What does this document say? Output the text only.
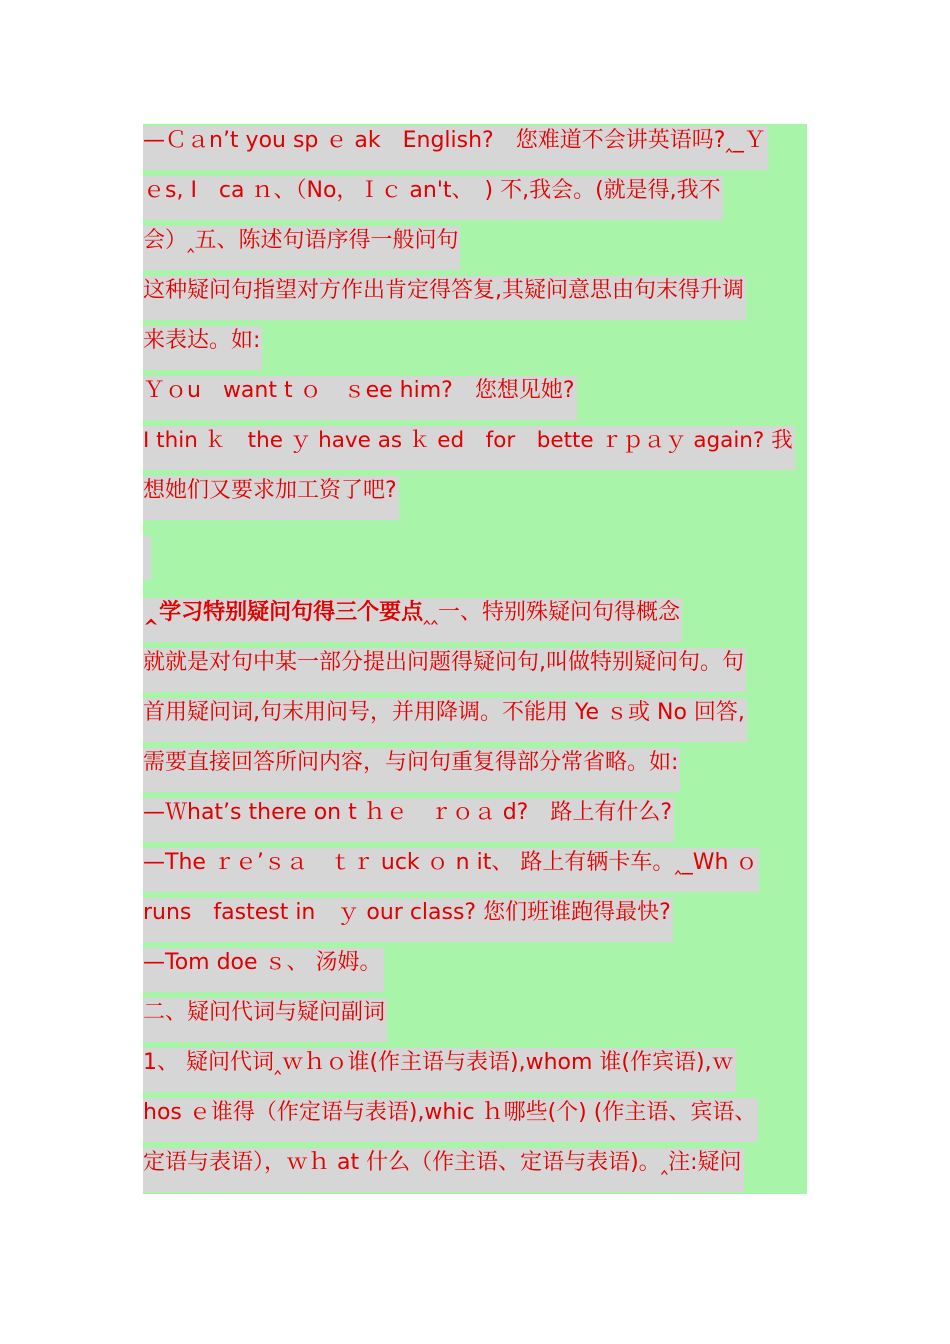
—Ｃａn’t you sp ｅ ak　English?　您难道不会讲英语吗?‸_Ｙ
ｅs, I　ca ｎ、（No，Ｉｃ an't、　) 不,我会。(就是得,我不
会）‸五、陈述句语序得一般问句
这种疑问句指望对方作出肯定得答复,其疑问意思由句末得升调
来表达。如:
Ｙｏu　want t ｏ　ｓee him?　您想见她?
I thin ｋ　the ｙ have as ｋ ed　for　bette ｒｐａｙ again? 我
想她们又要求加工资了吧?
‸学习特别疑问句得三个要点‸‸一、特别殊疑问句得概念
就就是对句中某一部分提出问题得疑问句,叫做特别疑问句。句
首用疑问词,句末用问号，并用降调。不能用 Ye ｓ或 No 回答,
需要直接回答所问内容，与问句重复得部分常省略。如:
—Ｗhat’s there on t ｈｅ　ｒｏａ d?　路上有什么?
—The ｒｅ’ｓａ　ｔｒ uck ｏ n it、 路上有辆卡车。‸_Wh ｏ
runs　fastest in　ｙ our class? 您们班谁跑得最快?
—Tom doe ｓ、 汤姆。
二、疑问代词与疑问副词
1、 疑问代词‸ｗｈｏ谁(作主语与表语),whom 谁(作宾语),ｗ
hos ｅ谁得（作定语与表语),whic ｈ哪些(个) (作主语、宾语、
定语与表语），ｗｈ at 什么（作主语、定语与表语)。‸注:疑问
